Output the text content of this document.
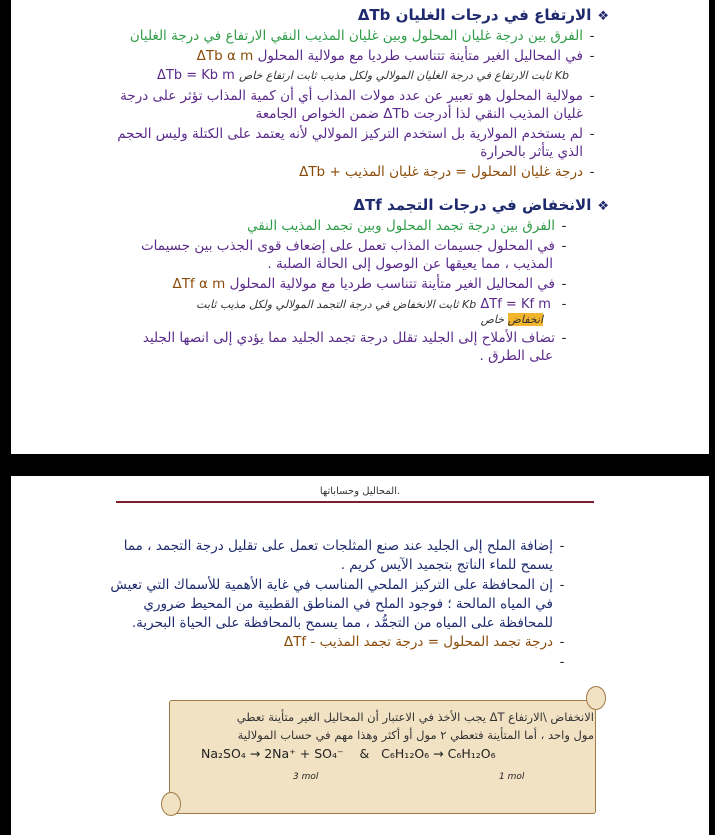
❖الارتفاع في درجات الغليان ΔTb
-الفرق بين درجة غليان المحلول وبين غليان المذيب النقي الارتفاع في درجة الغليان
-في المحاليل الغير متأينة تتناسب طرديا مع مولالية المحلول ΔTb α m
Kb ثابت الارتفاع في درجة الغليان المولالي ولكل مذيب ثابت ارتفاع خاص ΔTb = Kb m
-مولالية المحلول هو تعبير عن عدد مولات المذاب أي أن كمية المذاب تؤثر على درجة
غليان المذيب النقي لذا أدرجت ΔTb ضمن الخواص الجامعة
-لم يستخدم المولارية بل استخدم التركيز المولالي لأنه يعتمد على الكتلة وليس الحجم
الذي يتأثر بالحرارة
-درجة غليان المحلول = درجة غليان المذيب + ΔTb
❖الانخفاض في درجات التجمد ΔTf
-الفرق بين درجة تجمد المحلول وبين تجمد المذيب النقي
-في المحلول جسيمات المذاب تعمل على إضعاف قوى الجذب بين جسيمات
المذيب ، مما يعيقها عن الوصول إلى الحالة الصلبة .
-في المحاليل الغير متأينة تتناسب طرديا مع مولالية المحلول ΔTf α m
- ΔTf = Kf m Kb ثابت الانخفاض في درجة التجمد المولالي ولكل مذيب ثابت
انخفاض خاص
-تضاف الأملاح إلى الجليد تقلل درجة تجمد الجليد مما يؤدي إلى انصها الجليد
على الطرق .
المحاليل وحساباتها.
-إضافة الملح إلى الجليد عند صنع المثلجات تعمل على تقليل درجة التجمد ، مما
يسمح للماء الناتج بتجميد الآيس كريم .
-إن المحافظة على التركيز الملحي المناسب في غاية الأهمية للأسماك التي تعيش
في المياه المالحة ؛ فوجود الملح في المناطق القطبية من المحيط ضروري
للمحافظة على المياه من التجمُّد ، مما يسمح بالمحافظة على الحياة البحرية.
-درجة تجمد المحلول = درجة تجمد المذيب - ΔTf
-
الانخفاض \الارتفاع ΔT يجب الأخذ في الاعتبار أن المحاليل الغير متأينة تعطي
مول واحد ، أما المتأينة فتعطي ٢ مول أو أكثر وهذا مهم في حساب المولالية
Na₂SO₄ → 2Na⁺ + SO₄⁻ & C₆H₁₂O₆ → C₆H₁₂O₆
3 mol	1 mol
